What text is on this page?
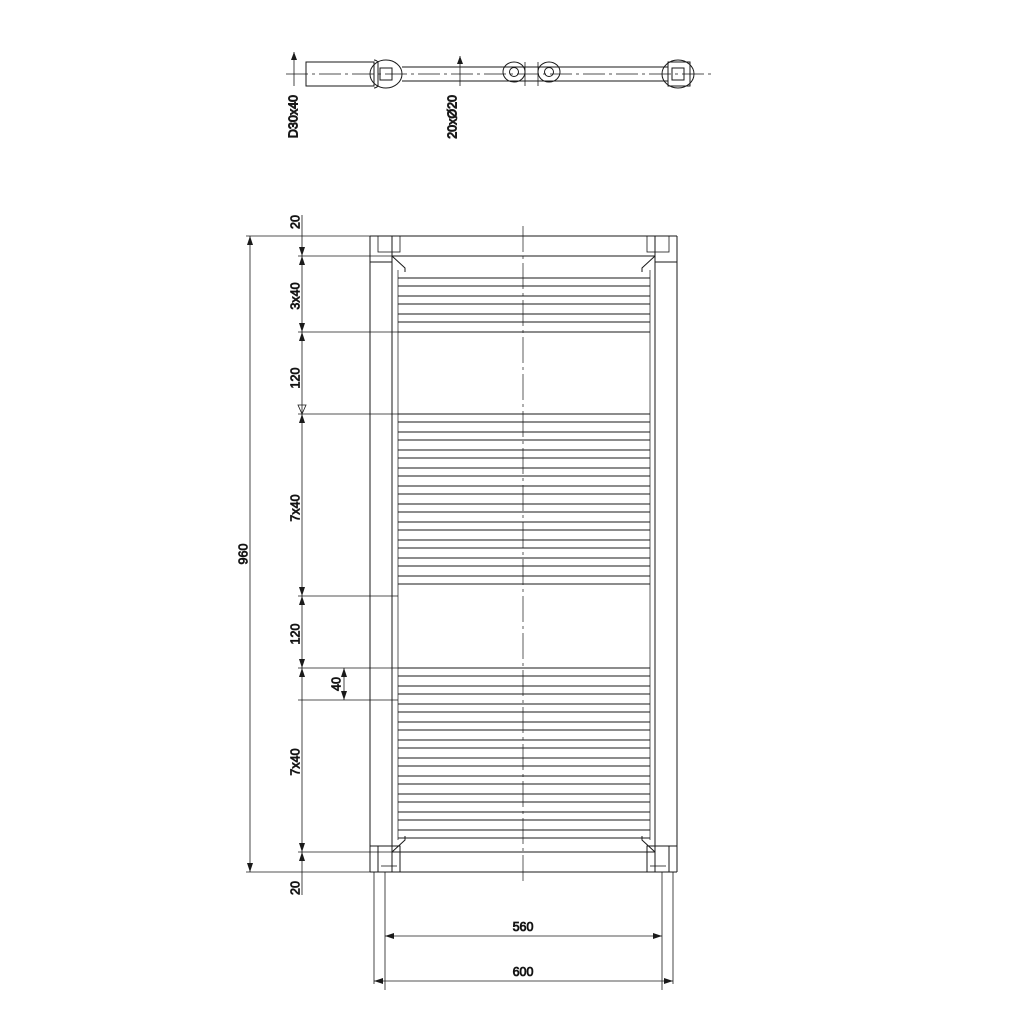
D30x40	20xØ20
960
20
3x40
120
7x40
120
40
7x40
20
560
600
